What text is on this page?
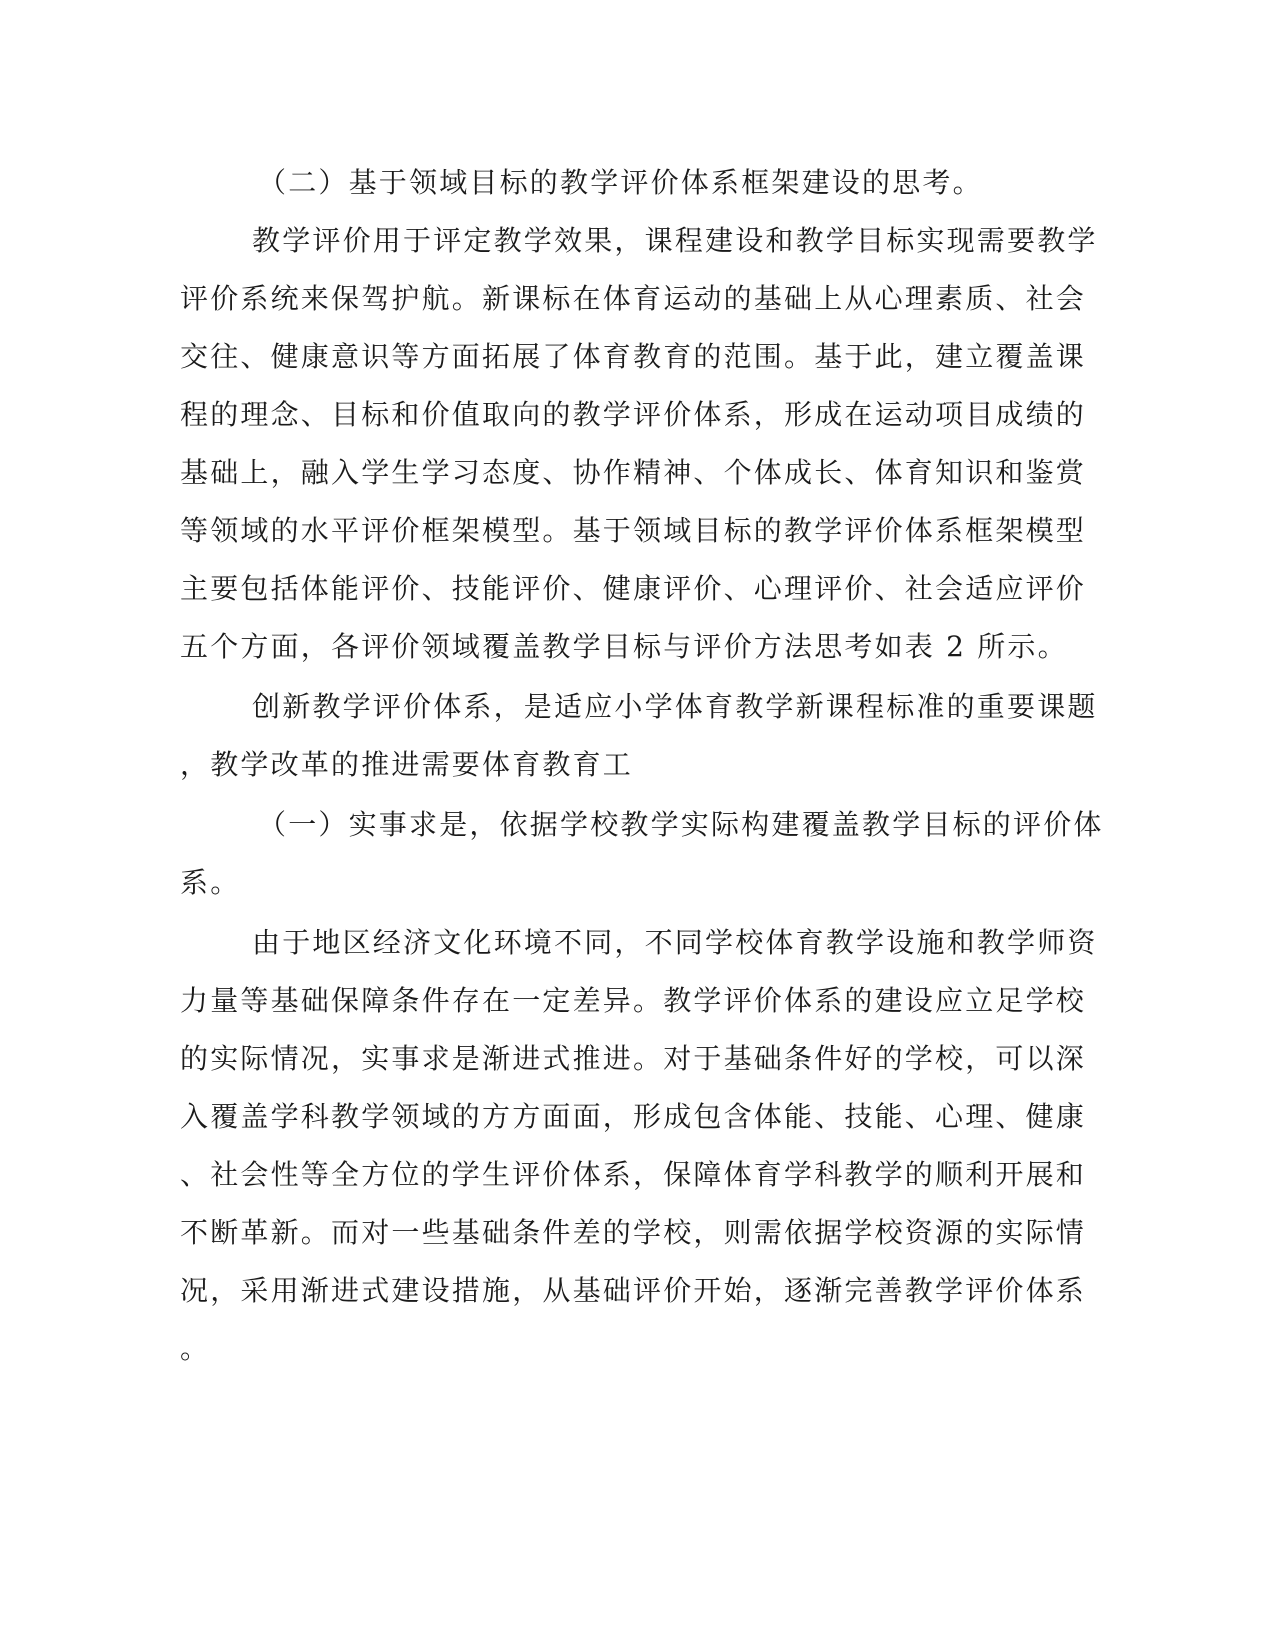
（二）基于领域目标的教学评价体系框架建设的思考。
教学评价用于评定教学效果，课程建设和教学目标实现需要教学
评价系统来保驾护航。新课标在体育运动的基础上从心理素质、社会
交往、健康意识等方面拓展了体育教育的范围。基于此，建立覆盖课
程的理念、目标和价值取向的教学评价体系，形成在运动项目成绩的
基础上，融入学生学习态度、协作精神、个体成长、体育知识和鉴赏
等领域的水平评价框架模型。基于领域目标的教学评价体系框架模型
主要包括体能评价、技能评价、健康评价、心理评价、社会适应评价
五个方面，各评价领域覆盖教学目标与评价方法思考如表 2 所示。
创新教学评价体系，是适应小学体育教学新课程标准的重要课题
，教学改革的推进需要体育教育工
（一）实事求是，依据学校教学实际构建覆盖教学目标的评价体
系。
由于地区经济文化环境不同，不同学校体育教学设施和教学师资
力量等基础保障条件存在一定差异。教学评价体系的建设应立足学校
的实际情况，实事求是渐进式推进。对于基础条件好的学校，可以深
入覆盖学科教学领域的方方面面，形成包含体能、技能、心理、健康
、社会性等全方位的学生评价体系，保障体育学科教学的顺利开展和
不断革新。而对一些基础条件差的学校，则需依据学校资源的实际情
况，采用渐进式建设措施，从基础评价开始，逐渐完善教学评价体系
。
